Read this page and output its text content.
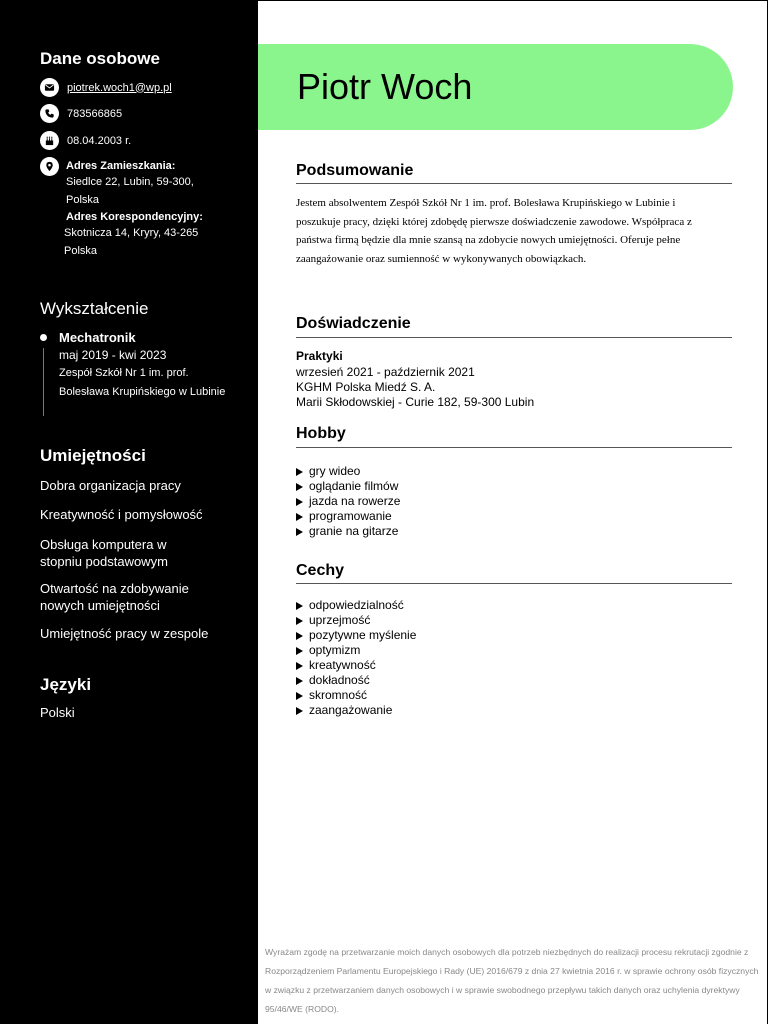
Dane osobowe
piotrek.woch1@wp.pl
783566865
08.04.2003 r.
Adres Zamieszkania:
Siedlce 22, Lubin, 59-300,
Polska
Adres Korespondencyjny:
Skotnicza 14, Kryry, 43-265
Polska
Wykształcenie
Mechatronik
maj 2019 - kwi 2023
Zespół Szkół Nr 1 im. prof. Bolesława Krupińskiego w Lubinie
Umiejętności
Dobra organizacja pracy
Kreatywność i pomysłowość
Obsługa komputera w stopniu podstawowym
Otwartość na zdobywanie nowych umiejętności
Umiejętność pracy w zespole
Języki
Polski
Piotr Woch
Podsumowanie
Jestem absolwentem Zespół Szkół Nr 1 im. prof. Bolesława Krupińskiego w Lubinie i poszukuje pracy, dzięki której zdobędę pierwsze doświadczenie zawodowe. Współpraca z państwa firmą będzie dla mnie szansą na zdobycie nowych umiejętności. Oferuje pełne zaangażowanie oraz sumienność w wykonywanych obowiązkach.
Doświadczenie
Praktyki
wrzesień 2021 - październik 2021
KGHM Polska Miedź S. A.
Marii Skłodowskiej - Curie 182, 59-300 Lubin
Hobby
gry wideo
oglądanie filmów
jazda na rowerze
programowanie
granie na gitarze
Cechy
odpowiedzialność
uprzejmość
pozytywne myślenie
optymizm
kreatywność
dokładność
skromność
zaangażowanie
Wyrażam zgodę na przetwarzanie moich danych osobowych dla potrzeb niezbędnych do realizacji procesu rekrutacji zgodnie z Rozporządzeniem Parlamentu Europejskiego i Rady (UE) 2016/679 z dnia 27 kwietnia 2016 r. w sprawie ochrony osób fizycznych w związku z przetwarzaniem danych osobowych i w sprawie swobodnego przepływu takich danych oraz uchylenia dyrektywy 95/46/WE (RODO).
